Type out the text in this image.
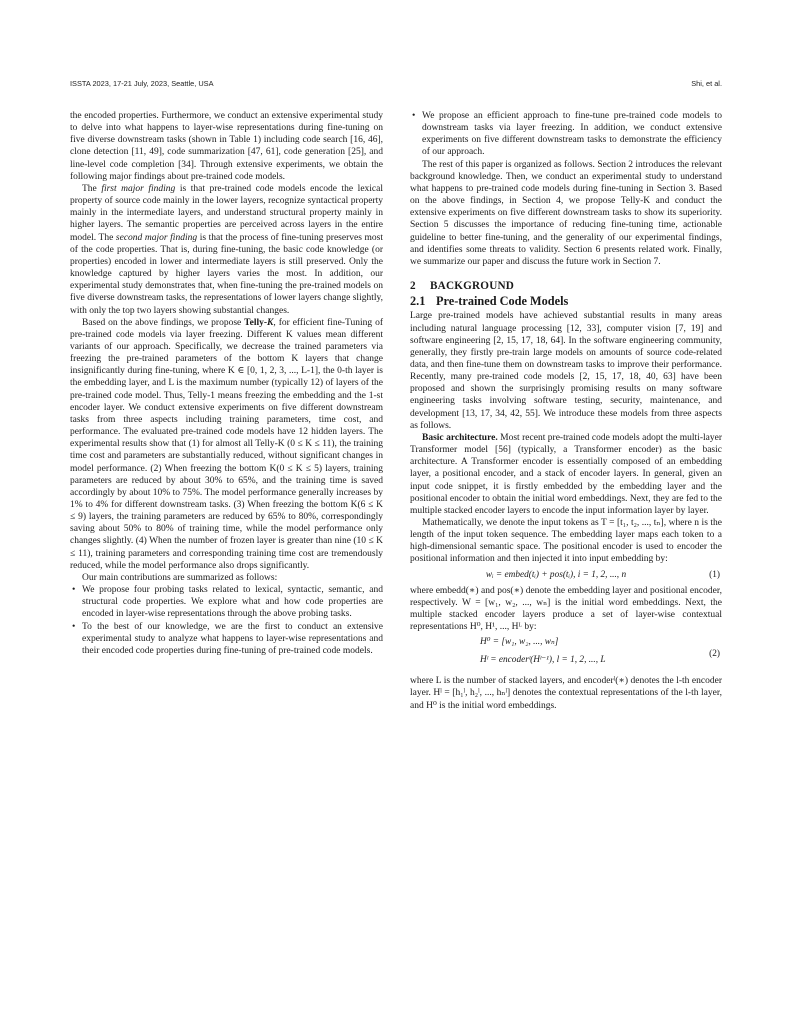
ISSTA 2023, 17-21 July, 2023, Seattle, USA	Shi, et al.

the encoded properties. Furthermore, we conduct an extensive experimental study to delve into what happens to layer-wise representations during fine-tuning on five diverse downstream tasks (shown in Table 1) including code search [16, 46], clone detection [11, 49], code summarization [47, 61], code generation [25], and line-level code completion [34]. Through extensive experiments, we obtain the following major findings about pre-trained code models.

The first major finding is that pre-trained code models encode the lexical property of source code mainly in the lower layers, recognize syntactical property mainly in the intermediate layers, and understand structural property mainly in higher layers. The semantic properties are perceived across layers in the entire model. The second major finding is that the process of fine-tuning preserves most of the code properties. That is, during fine-tuning, the basic code knowledge (or properties) encoded in lower and intermediate layers is still preserved. Only the knowledge captured by higher layers varies the most. In addition, our experimental study demonstrates that, when fine-tuning the pre-trained models on five diverse downstream tasks, the representations of lower layers change slightly, with only the top two layers showing substantial changes.

Based on the above findings, we propose Telly-K, for efficient fine-Tuning of pre-trained code models via layer freezing. Different K values mean different variants of our approach. Specifically, we decrease the trained parameters via freezing the pre-trained parameters of the bottom K layers that change insignificantly during fine-tuning, where K ∈ [0, 1, 2, 3, ..., L-1], the 0-th layer is the embedding layer, and L is the maximum number (typically 12) of layers of the pre-trained code model. Thus, Telly-1 means freezing the embedding and the 1-st encoder layer. We conduct extensive experiments on five different downstream tasks from three aspects including training parameters, time cost, and performance. The evaluated pre-trained code models have 12 hidden layers. The experimental results show that (1) for almost all Telly-K (0 ≤ K ≤ 11), the training time cost and parameters are substantially reduced, without significant changes in model performance. (2) When freezing the bottom K(0 ≤ K ≤ 5) layers, training parameters are reduced by about 30% to 65%, and the training time is saved accordingly by about 10% to 75%. The model performance generally increases by 1% to 4% for different downstream tasks. (3) When freezing the bottom K(6 ≤ K ≤ 9) layers, the training parameters are reduced by 65% to 80%, correspondingly saving about 50% to 80% of training time, while the model performance only changes slightly. (4) When the number of frozen layer is greater than nine (10 ≤ K ≤ 11), training parameters and corresponding training time cost are tremendously reduced, while the model performance also drops significantly.

Our main contributions are summarized as follows:

• We propose four probing tasks related to lexical, syntactic, semantic, and structural code properties. We explore what and how code properties are encoded in layer-wise representations through the above probing tasks.
• To the best of our knowledge, we are the first to conduct an extensive experimental study to analyze what happens to layer-wise representations and their encoded code properties during fine-tuning of pre-trained code models.
• We propose an efficient approach to fine-tune pre-trained code models to downstream tasks via layer freezing. In addition, we conduct extensive experiments on five different downstream tasks to demonstrate the efficiency of our approach.

The rest of this paper is organized as follows. Section 2 introduces the relevant background knowledge. Then, we conduct an experimental study to understand what happens to pre-trained code models during fine-tuning in Section 3. Based on the above findings, in Section 4, we propose Telly-K and conduct the extensive experiments on five different downstream tasks to show its superiority. Section 5 discusses the importance of reducing fine-tuning time, actionable guideline to better fine-tuning, and the generality of our experimental findings, and identifies some threats to validity. Section 6 presents related work. Finally, we summarize our paper and discuss the future work in Section 7.

2 BACKGROUND
2.1 Pre-trained Code Models

Large pre-trained models have achieved substantial results in many areas including natural language processing [12, 33], computer vision [7, 19] and software engineering [2, 15, 17, 18, 64]. In the software engineering community, generally, they firstly pre-train large models on amounts of source code-related data, and then fine-tune them on downstream tasks to improve their performance. Recently, many pre-trained code models [2, 15, 17, 18, 40, 63] have been proposed and shown the surprisingly promising results on many software engineering tasks involving software testing, security, maintenance, and development [13, 17, 34, 42, 55]. We introduce these models from three aspects as follows.

Basic architecture. Most recent pre-trained code models adopt the multi-layer Transformer model [56] (typically, a Transformer encoder) as the basic architecture. A Transformer encoder is essentially composed of an embedding layer, a positional encoder, and a stack of encoder layers. In general, given an input code snippet, it is firstly embedded by the embedding layer and the positional encoder to obtain the initial word embeddings. Next, they are fed to the multiple stacked encoder layers to encode the input information layer by layer.

Mathematically, we denote the input tokens as T = [t₁, t₂, ..., tₙ], where n is the length of the input token sequence. The embedding layer maps each token to a high-dimensional semantic space. The positional encoder is used to encoder the positional information and then injected it into input embedding by:

wᵢ = embed(tᵢ) + pos(tᵢ), i = 1, 2, ..., n	(1)

where embedd(∗) and pos(∗) denote the embedding layer and positional encoder, respectively. W = [w₁, w₂, ..., wₙ] is the initial word embeddings. Next, the multiple stacked encoder layers produce a set of layer-wise contextual representations H⁰, H¹, ..., Hᴸ by:

H⁰ = [w₁, w₂, ..., wₙ]
Hˡ = encoderˡ(Hˡ⁻¹), l = 1, 2, ..., L
(2)

where L is the number of stacked layers, and encoderˡ(∗) denotes the l-th encoder layer. Hˡ = [h₁ˡ, h₂ˡ, ..., hₙˡ] denotes the contextual representations of the l-th layer, and H⁰ is the initial word embeddings.
